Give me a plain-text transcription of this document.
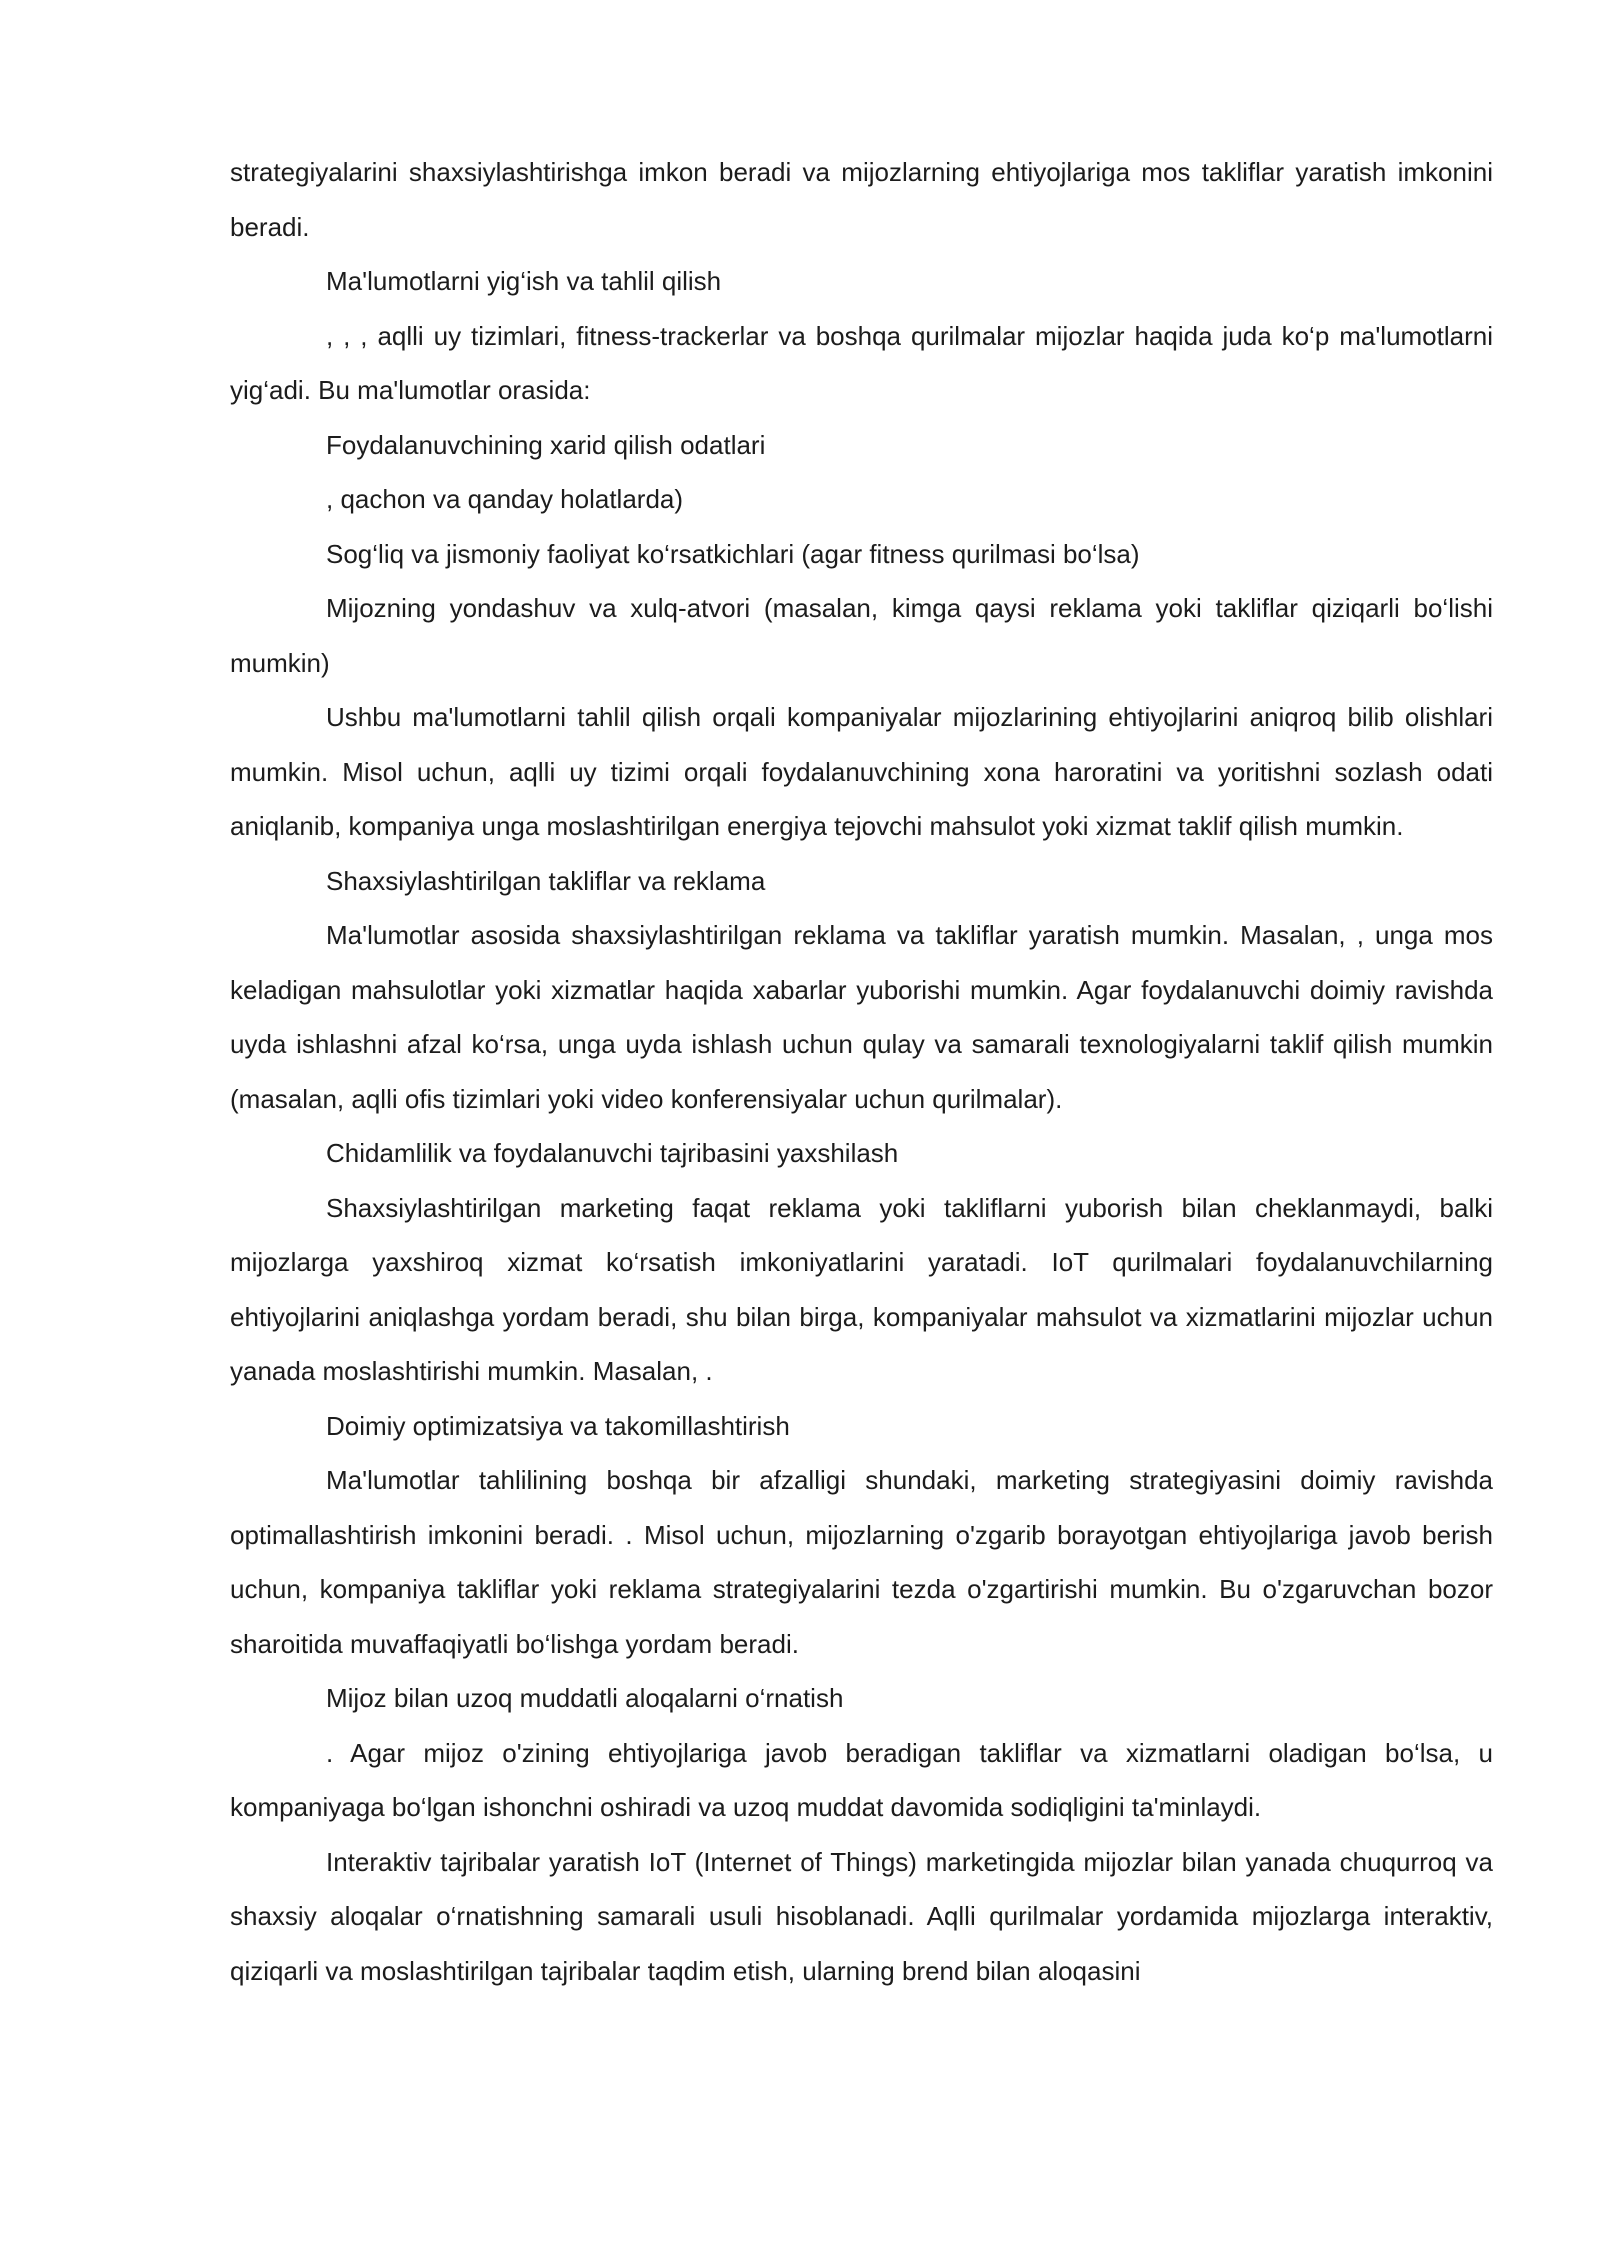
strategiyalarini shaxsiylashtirishga imkon beradi va mijozlarning ehtiyojlariga mos takliflar yaratish imkonini beradi.

Ma'lumotlarni yig‘ish va tahlil qilish

, , , aqlli uy tizimlari, fitness-trackerlar va boshqa qurilmalar mijozlar haqida juda ko‘p ma'lumotlarni yig‘adi. Bu ma'lumotlar orasida:

Foydalanuvchining xarid qilish odatlari

, qachon va qanday holatlarda)

Sog‘liq va jismoniy faoliyat ko‘rsatkichlari (agar fitness qurilmasi bo‘lsa)

Mijozning yondashuv va xulq-atvori (masalan, kimga qaysi reklama yoki takliflar qiziqarli bo‘lishi mumkin)

Ushbu ma'lumotlarni tahlil qilish orqali kompaniyalar mijozlarining ehtiyojlarini aniqroq bilib olishlari mumkin. Misol uchun, aqlli uy tizimi orqali foydalanuvchining xona haroratini va yoritishni sozlash odati aniqlanib, kompaniya unga moslashtirilgan energiya tejovchi mahsulot yoki xizmat taklif qilish mumkin.

Shaxsiylashtirilgan takliflar va reklama

Ma'lumotlar asosida shaxsiylashtirilgan reklama va takliflar yaratish mumkin. Masalan, , unga mos keladigan mahsulotlar yoki xizmatlar haqida xabarlar yuborishi mumkin. Agar foydalanuvchi doimiy ravishda uyda ishlashni afzal ko‘rsa, unga uyda ishlash uchun qulay va samarali texnologiyalarni taklif qilish mumkin (masalan, aqlli ofis tizimlari yoki video konferensiyalar uchun qurilmalar).

Chidamlilik va foydalanuvchi tajribasini yaxshilash

Shaxsiylashtirilgan marketing faqat reklama yoki takliflarni yuborish bilan cheklanmaydi, balki mijozlarga yaxshiroq xizmat ko‘rsatish imkoniyatlarini yaratadi. IoT qurilmalari foydalanuvchilarning ehtiyojlarini aniqlashga yordam beradi, shu bilan birga, kompaniyalar mahsulot va xizmatlarini mijozlar uchun yanada moslashtirishi mumkin. Masalan, .

Doimiy optimizatsiya va takomillashtirish

Ma'lumotlar tahlilining boshqa bir afzalligi shundaki, marketing strategiyasini doimiy ravishda optimallashtirish imkonini beradi. . Misol uchun, mijozlarning o'zgarib borayotgan ehtiyojlariga javob berish uchun, kompaniya takliflar yoki reklama strategiyalarini tezda o'zgartirishi mumkin. Bu o'zgaruvchan bozor sharoitida muvaffaqiyatli bo‘lishga yordam beradi.

Mijoz bilan uzoq muddatli aloqalarni o‘rnatish

. Agar mijoz o'zining ehtiyojlariga javob beradigan takliflar va xizmatlarni oladigan bo‘lsa, u kompaniyaga bo‘lgan ishonchni oshiradi va uzoq muddat davomida sodiqligini ta'minlaydi.

Interaktiv tajribalar yaratish IoT (Internet of Things) marketingida mijozlar bilan yanada chuqurroq va shaxsiy aloqalar o‘rnatishning samarali usuli hisoblanadi. Aqlli qurilmalar yordamida mijozlarga interaktiv, qiziqarli va moslashtirilgan tajribalar taqdim etish, ularning brend bilan aloqasini
